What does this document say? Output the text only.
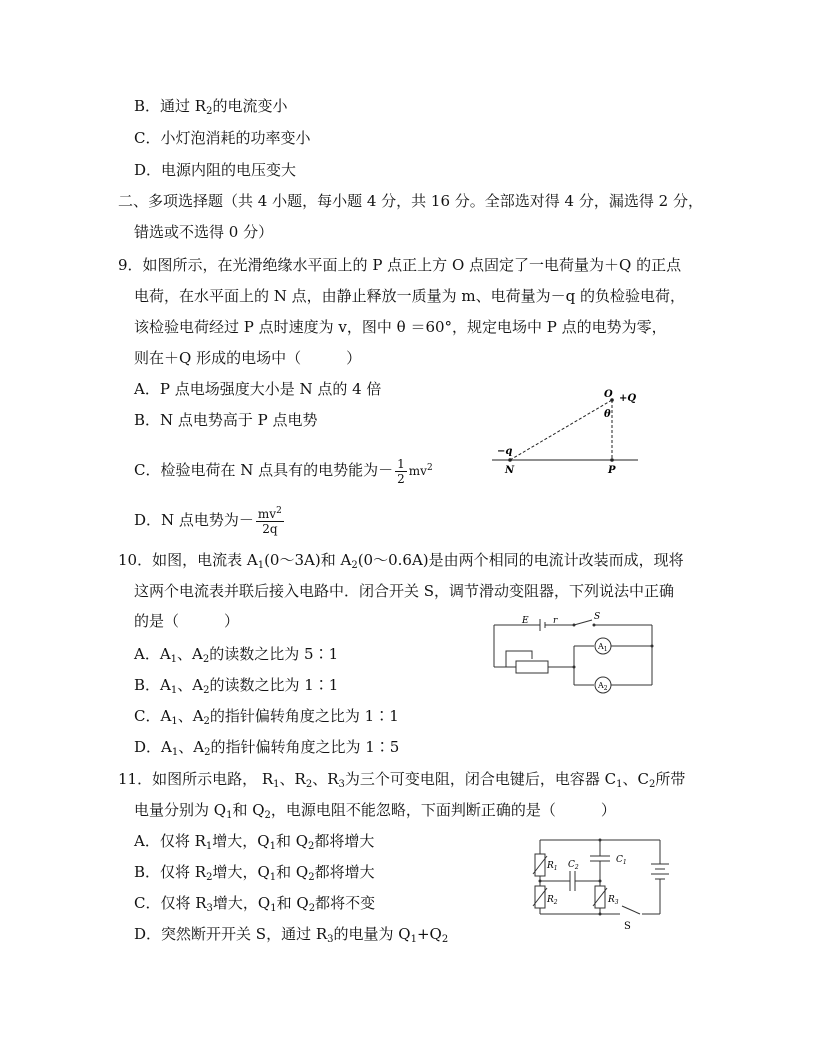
B．通过 $R_2$的电流变小
C．小灯泡消耗的功率变小
D．电源内阻的电压变大
二、多项选择题（共 4 小题，每小题 4 分，共 16 分。全部选对得 4 分，漏选得 2 分，
错选或不选得 0 分）
9．如图所示，在光滑绝缘水平面上的 P 点正上方 O 点固定了一电荷量为＋Q 的正点
电荷，在水平面上的 N 点，由静止释放一质量为 m、电荷量为－q 的负检验电荷，
该检验电荷经过 P 点时速度为 v，图中 θ ＝60°，规定电场中 P 点的电势为零，
则在＋Q 形成的电场中（　　　）
A．P 点电场强度大小是 N 点的 4 倍
B．N 点电势高于 P 点电势
C．检验电荷在 N 点具有的电势能为－ $\frac{1}{2} mv^2$
D．N 点电势为－ $\frac{mv^2}{2q}$
O +Q
θ
−q
N	P
10．如图，电流表 $A_1(0\sim 3A)$和 $A_2(0\sim 0.6A)$是由两个相同的电流计改装而成，现将
这两个电流表并联后接入电路中．闭合开关 S，调节滑动变阻器，下列说法中正确
的是（　　　）
A．$A_1$、$A_2$的读数之比为 5∶1
B．$A_1$、$A_2$的读数之比为 1∶1
C．$A_1$、$A_2$的指针偏转角度之比为 1∶1
D．$A_1$、$A_2$的指针偏转角度之比为 1∶5
E	r	S
$A_1$
$A_2$
11．如图所示电路， $R_1$、$R_2$、$R_3$为三个可变电阻，闭合电键后，电容器 $C_1$、$C_2$所带
电量分别为 $Q_1$和 $Q_2$，电源电阻不能忽略，下面判断正确的是（　　　）
A．仅将 $R_1$增大，$Q_1$和 $Q_2$都将增大
B．仅将 $R_2$增大，$Q_1$和 $Q_2$都将增大
C．仅将 $R_3$增大，$Q_1$和 $Q_2$都将不变
D．突然断开开关 S，通过 $R_3$的电量为 $Q_1+Q_2$
$R_1$
$R_2$	$R_3$
$C_1$
$C_2$
S
